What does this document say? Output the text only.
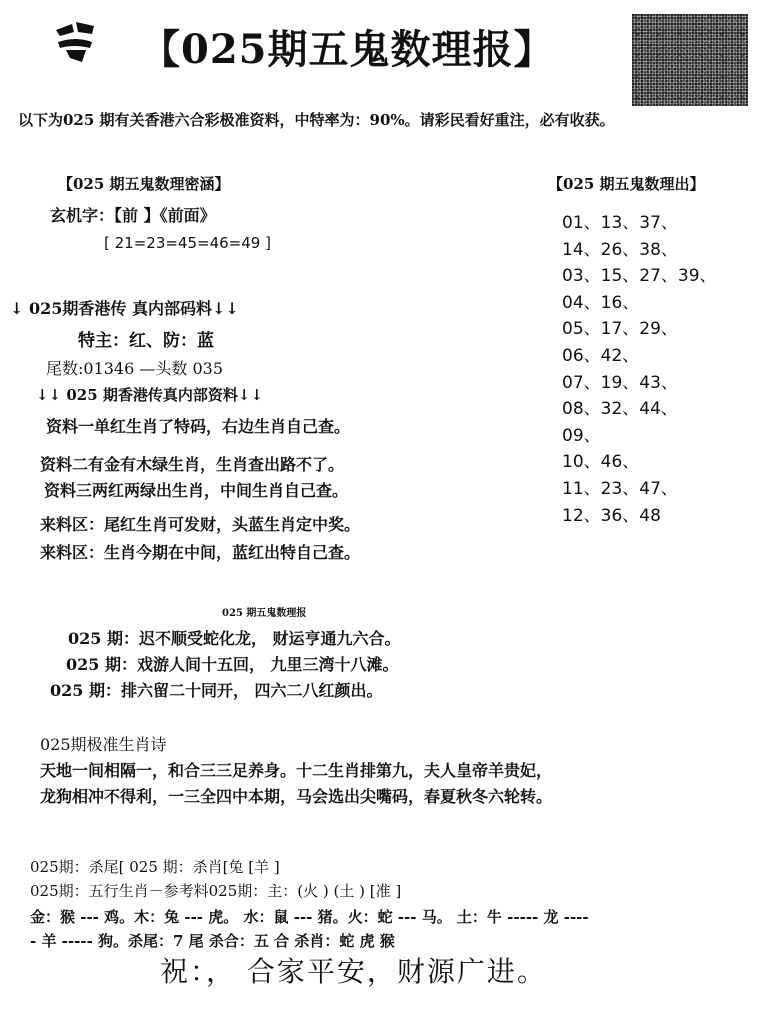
【025期五鬼数理报】
以下为025 期有关香港六合彩极准资料，中特率为：90%。请彩民看好重注，必有收获。
【025 期五鬼数理密涵】
玄机字：【前 】《前面》
[ 21=23=45=46=49 ]
↓ 025期香港传 真内部码料↓↓
特主：红、防：蓝
尾数:01346 —头数 035
↓↓ 025 期香港传真内部资料↓↓
资料一单红生肖了特码，右边生肖自己查。
资料二有金有木绿生肖，生肖查出路不了。
资料三两红两绿出生肖，中间生肖自己查。
来料区：尾红生肖可发财，头蓝生肖定中奖。
来料区：生肖今期在中间，蓝红出特自己查。
【025 期五鬼数理出】
01、13、37、
14、26、38、
03、15、27、39、
04、16、
05、17、29、
06、42、
07、19、43、
08、32、44、
09、
10、46、
11、23、47、
12、36、48
025 期五鬼数理报
025 期：迟不顺受蛇化龙， 财运亨通九六合。
025 期：戏游人间十五回， 九里三湾十八滩。
025 期：排六留二十同开， 四六二八红颜出。
025期极准生肖诗
天地一间相隔一，和合三三足养身。十二生肖排第九，夫人皇帝羊贵妃，
龙狗相冲不得利，一三全四中本期，马会选出尖嘴码，春夏秋冬六轮转。
025期：杀尾[ 025 期：杀肖[兔 [羊 ]
025期：五行生肖－参考料025期：主：(火 ) (土 ) [准 ]
金：猴 --- 鸡。木：兔 --- 虎。 水：鼠 --- 猪。火：蛇 --- 马。 土：牛 ----- 龙 ----
- 羊 ----- 狗。杀尾：7 尾 杀合：五 合 杀肖：蛇 虎 猴
祝：， 合家平安，财源广进。
